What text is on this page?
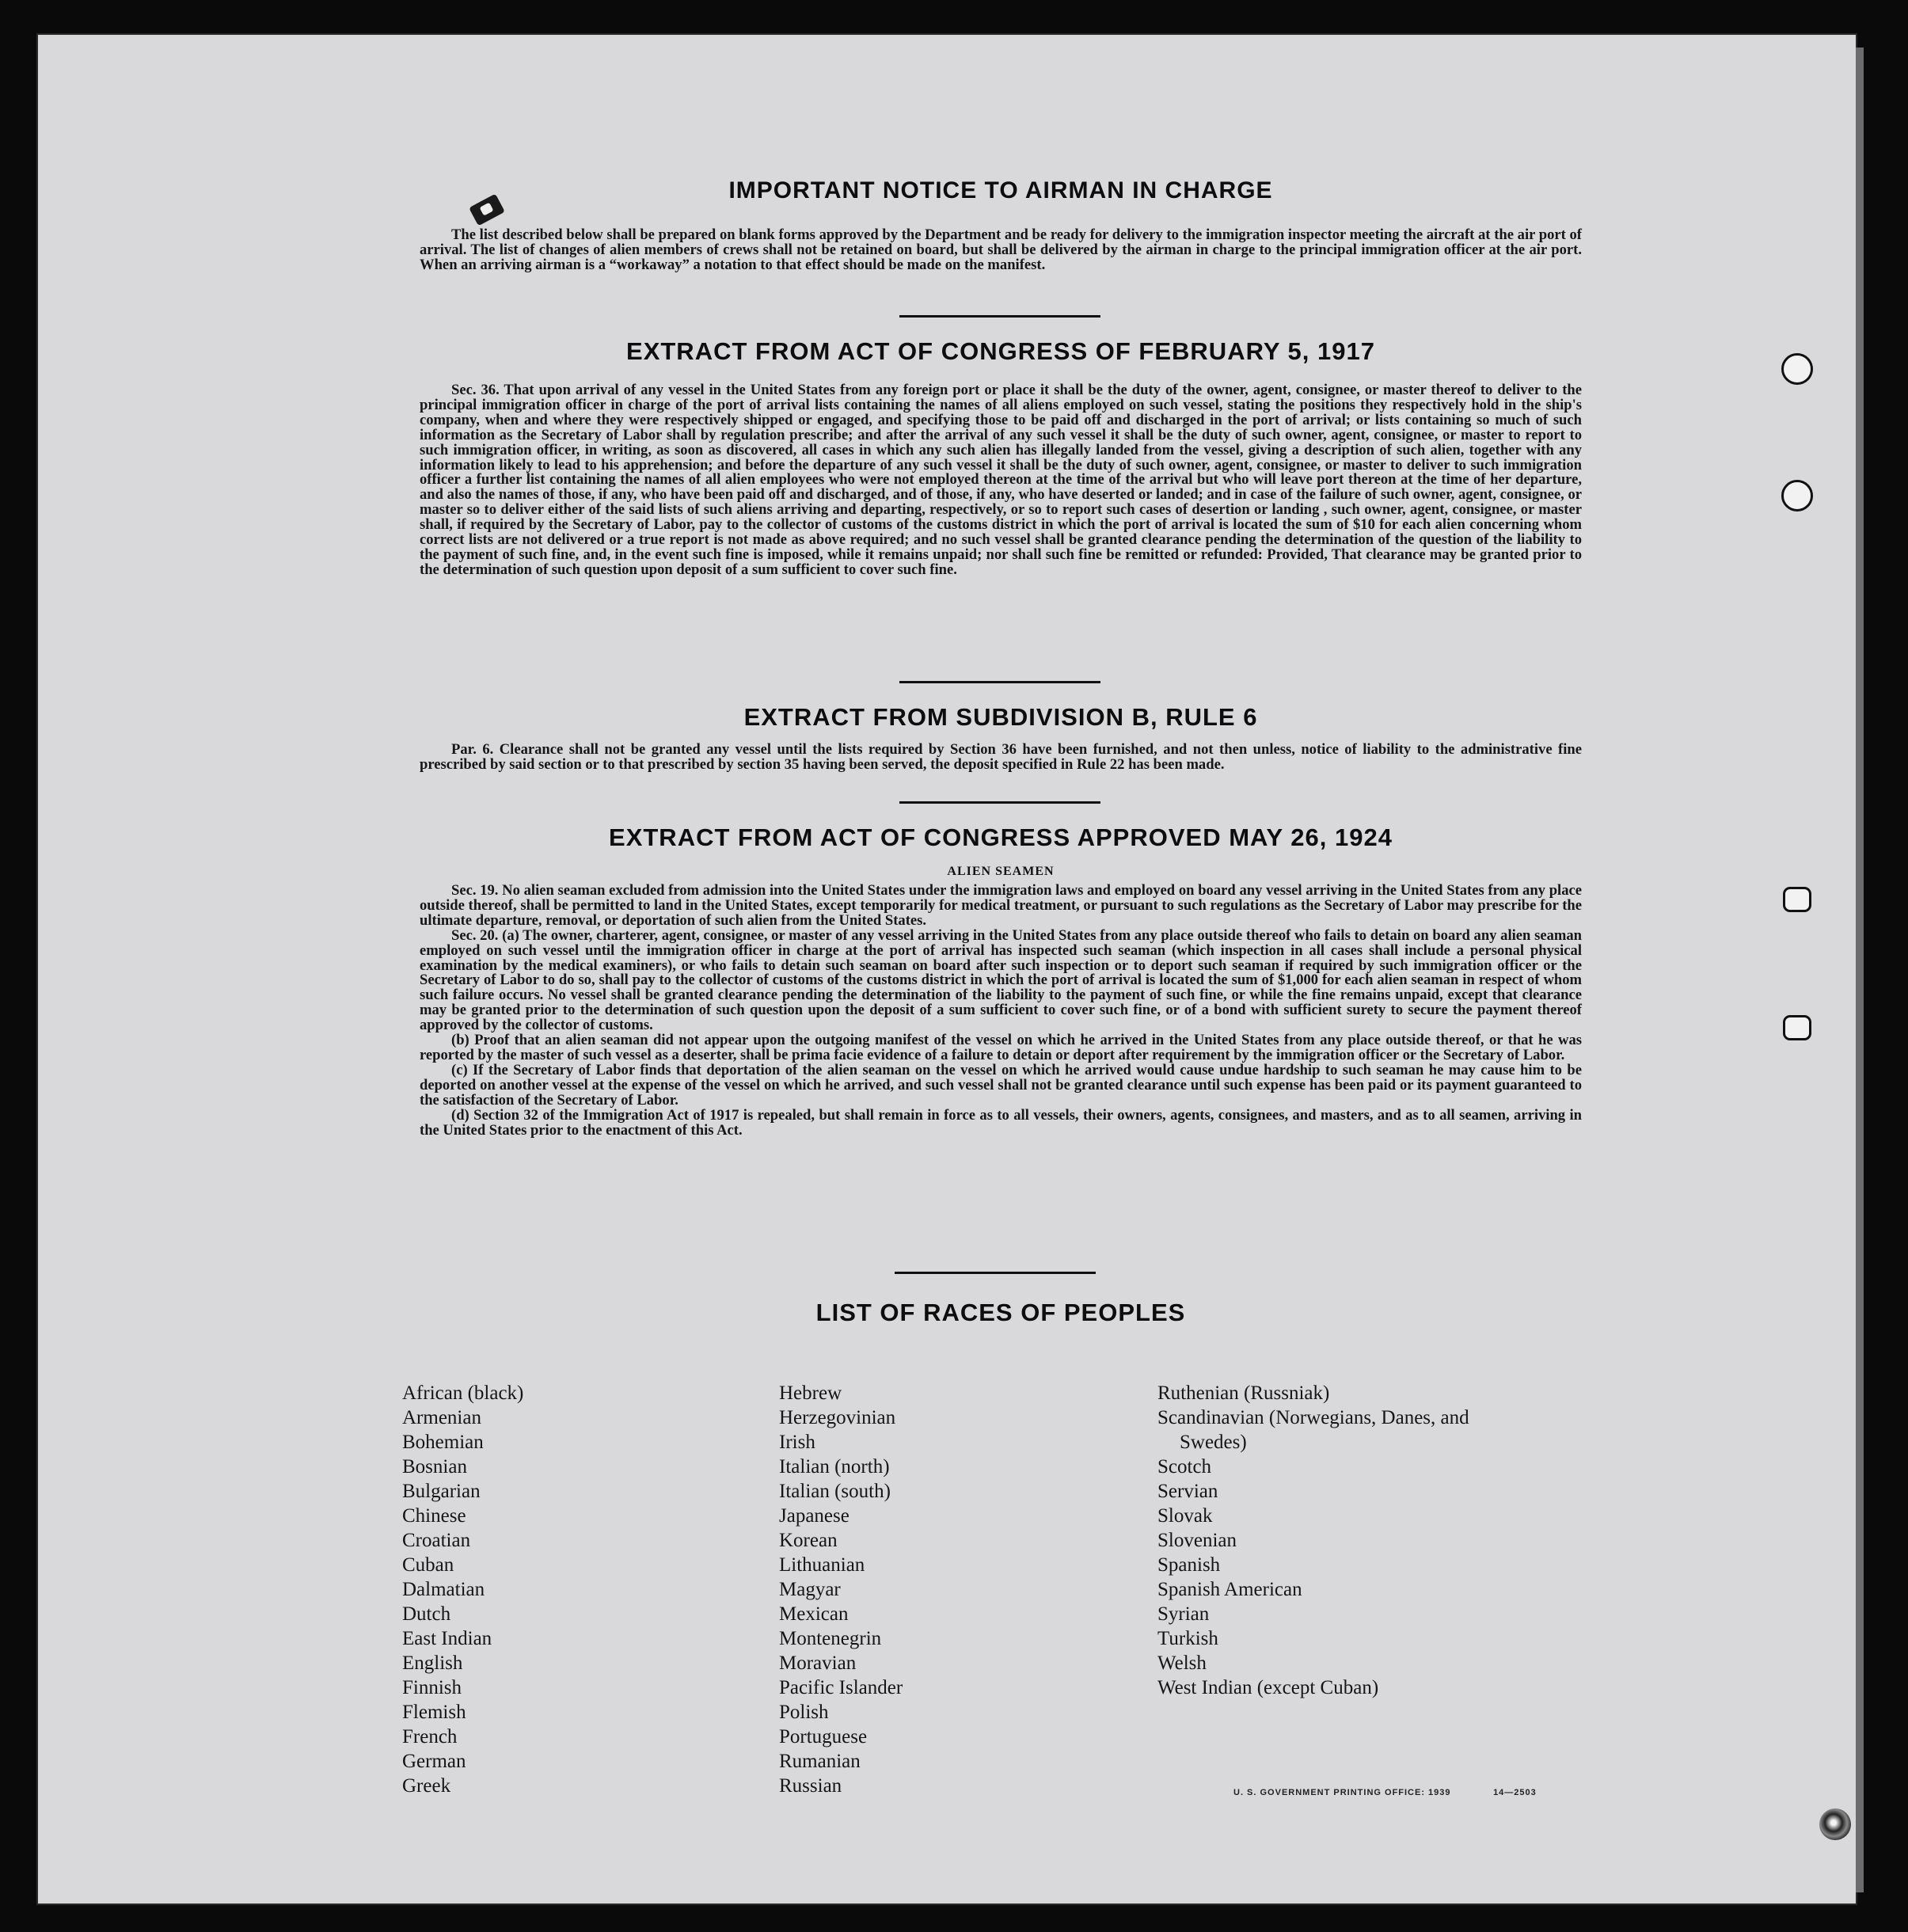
IMPORTANT NOTICE TO AIRMAN IN CHARGE

The list described below shall be prepared on blank forms approved by the Department and be ready for delivery to the immigration inspector meeting the aircraft at the air port of arrival. The list of changes of alien members of crews shall not be retained on board, but shall be delivered by the airman in charge to the principal immigration officer at the air port. When an arriving airman is a “workaway” a notation to that effect should be made on the manifest.

EXTRACT FROM ACT OF CONGRESS OF FEBRUARY 5, 1917

Sec. 36. That upon arrival of any vessel in the United States from any foreign port or place it shall be the duty of the owner, agent, consignee, or master thereof to deliver to the principal immigration officer in charge of the port of arrival lists containing the names of all aliens employed on such vessel, stating the positions they respectively hold in the ship's company, when and where they were respectively shipped or engaged, and specifying those to be paid off and discharged in the port of arrival; or lists containing so much of such information as the Secretary of Labor shall by regulation prescribe; and after the arrival of any such vessel it shall be the duty of such owner, agent, consignee, or master to report to such immigration officer, in writing, as soon as discovered, all cases in which any such alien has illegally landed from the vessel, giving a description of such alien, together with any information likely to lead to his apprehension; and before the departure of any such vessel it shall be the duty of such owner, agent, consignee, or master to deliver to such immigration officer a further list containing the names of all alien employees who were not employed thereon at the time of the arrival but who will leave port thereon at the time of her departure, and also the names of those, if any, who have been paid off and discharged, and of those, if any, who have deserted or landed; and in case of the failure of such owner, agent, consignee, or master so to deliver either of the said lists of such aliens arriving and departing, respectively, or so to report such cases of desertion or landing , such owner, agent, consignee, or master shall, if required by the Secretary of Labor, pay to the collector of customs of the customs district in which the port of arrival is located the sum of $10 for each alien concerning whom correct lists are not delivered or a true report is not made as above required; and no such vessel shall be granted clearance pending the determination of the question of the liability to the payment of such fine, and, in the event such fine is imposed, while it remains unpaid; nor shall such fine be remitted or refunded: Provided, That clearance may be granted prior to the determination of such question upon deposit of a sum sufficient to cover such fine.

EXTRACT FROM SUBDIVISION B, RULE 6

Par. 6. Clearance shall not be granted any vessel until the lists required by Section 36 have been furnished, and not then unless, notice of liability to the administrative fine prescribed by said section or to that prescribed by section 35 having been served, the deposit specified in Rule 22 has been made.

EXTRACT FROM ACT OF CONGRESS APPROVED MAY 26, 1924
ALIEN SEAMEN

Sec. 19. No alien seaman excluded from admission into the United States under the immigration laws and employed on board any vessel arriving in the United States from any place outside thereof, shall be permitted to land in the United States, except temporarily for medical treatment, or pursuant to such regulations as the Secretary of Labor may prescribe for the ultimate departure, removal, or deportation of such alien from the United States.

Sec. 20. (a) The owner, charterer, agent, consignee, or master of any vessel arriving in the United States from any place outside thereof who fails to detain on board any alien seaman employed on such vessel until the immigration officer in charge at the port of arrival has inspected such seaman (which inspection in all cases shall include a personal physical examination by the medical examiners), or who fails to detain such seaman on board after such inspection or to deport such seaman if required by such immigration officer or the Secretary of Labor to do so, shall pay to the collector of customs of the customs district in which the port of arrival is located the sum of $1,000 for each alien seaman in respect of whom such failure occurs. No vessel shall be granted clearance pending the determination of the liability to the payment of such fine, or while the fine remains unpaid, except that clearance may be granted prior to the determination of such question upon the deposit of a sum sufficient to cover such fine, or of a bond with sufficient surety to secure the payment thereof approved by the collector of customs.

(b) Proof that an alien seaman did not appear upon the outgoing manifest of the vessel on which he arrived in the United States from any place outside thereof, or that he was reported by the master of such vessel as a deserter, shall be prima facie evidence of a failure to detain or deport after requirement by the immigration officer or the Secretary of Labor.

(c) If the Secretary of Labor finds that deportation of the alien seaman on the vessel on which he arrived would cause undue hardship to such seaman he may cause him to be deported on another vessel at the expense of the vessel on which he arrived, and such vessel shall not be granted clearance until such expense has been paid or its payment guaranteed to the satisfaction of the Secretary of Labor.

(d) Section 32 of the Immigration Act of 1917 is repealed, but shall remain in force as to all vessels, their owners, agents, consignees, and masters, and as to all seamen, arriving in the United States prior to the enactment of this Act.

LIST OF RACES OF PEOPLES
African (black)
Armenian
Bohemian
Bosnian
Bulgarian
Chinese
Croatian
Cuban
Dalmatian
Dutch
East Indian
English
Finnish
Flemish
French
German
Greek
Hebrew
Herzegovinian
Irish
Italian (north)
Italian (south)
Japanese
Korean
Lithuanian
Magyar
Mexican
Montenegrin
Moravian
Pacific Islander
Polish
Portuguese
Rumanian
Russian
Ruthenian (Russniak)
Scandinavian (Norwegians, Danes, and Swedes)
Scotch
Servian
Slovak
Slovenian
Spanish
Spanish American
Syrian
Turkish
Welsh
West Indian (except Cuban)
U. S. GOVERNMENT PRINTING OFFICE: 1939	14—2503
